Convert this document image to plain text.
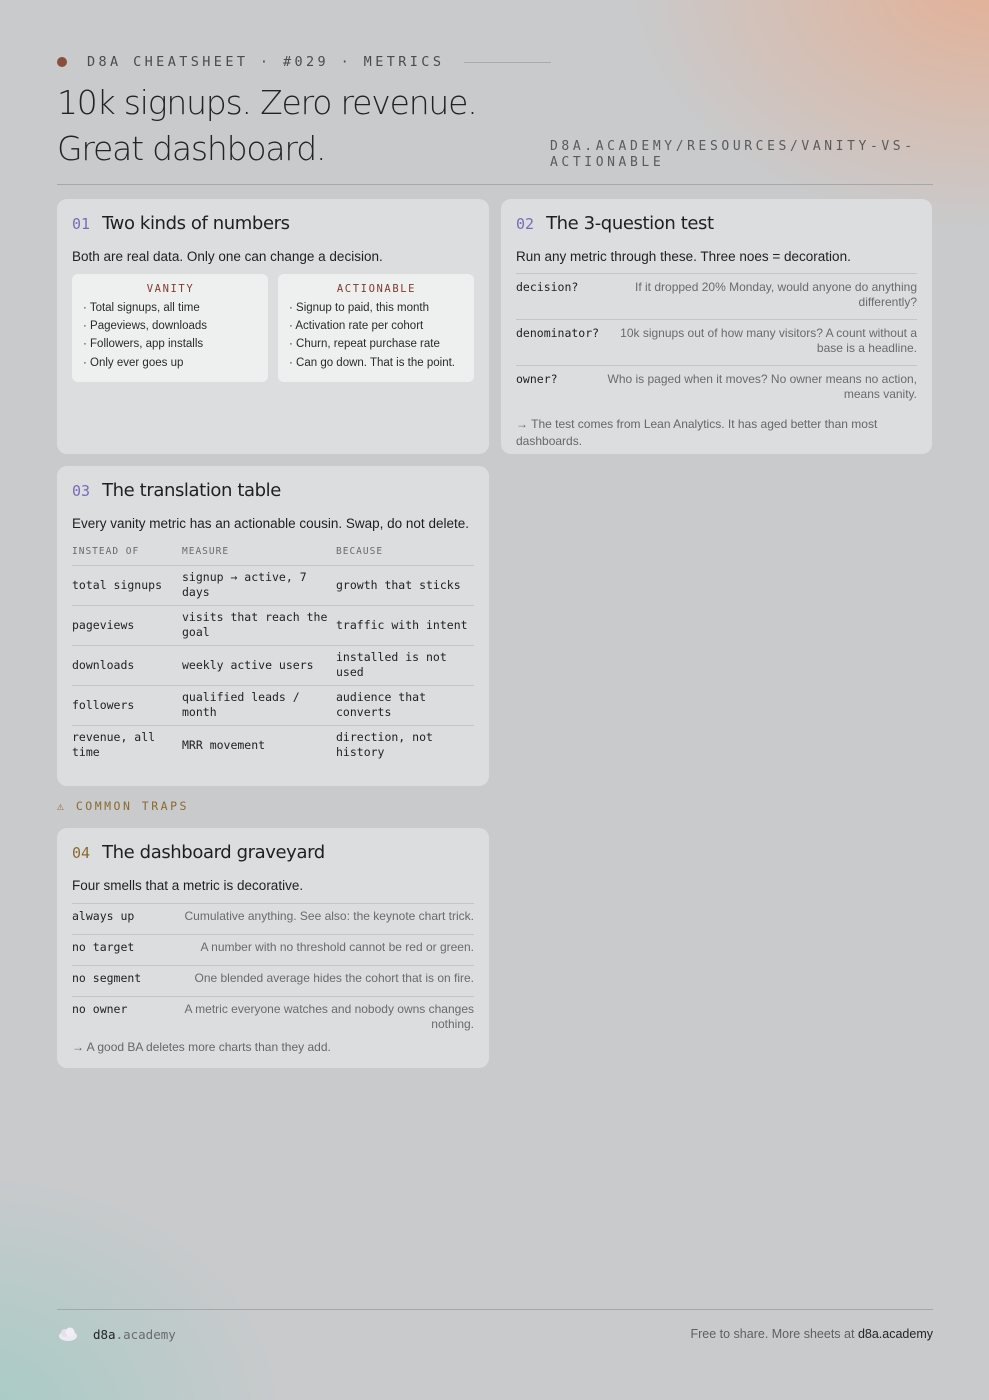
D8A CHEATSHEET · #029 · METRICS
10k signups. Zero revenue. Great dashboard.	D8A.ACADEMY/RESOURCES/VANITY-VS-ACTIONABLE
01 Two kinds of numbers

Both are real data. Only one can change a decision.

VANITY
· Total signups, all time
· Pageviews, downloads
· Followers, app installs
· Only ever goes up
ACTIONABLE
· Signup to paid, this month
· Activation rate per cohort
· Churn, repeat purchase rate
· Can go down. That is the point.
02 The 3-question test

Run any metric through these. Three noes = decoration.

decision?	If it dropped 20% Monday, would anyone do anything differently?
denominator? 10k signups out of how many visitors? A count without a base is a headline.
owner?	Who is paged when it moves? No owner means no action, means vanity.

→ The test comes from Lean Analytics. It has aged better than most dashboards.

03 The translation table

Every vanity metric has an actionable cousin. Swap, do not delete.

INSTEAD OF	MEASURE	BECAUSE
total signups	signup → active, 7 days	growth that sticks
pageviews	visits that reach the goal	traffic with intent
downloads	weekly active users	installed is not used
followers	qualified leads / month	audience that converts
revenue, all time	MRR movement	direction, not history
⚠ COMMON TRAPS
04 The dashboard graveyard

Four smells that a metric is decorative.

always up	Cumulative anything. See also: the keynote chart trick.
no target	A number with no threshold cannot be red or green.
no segment	One blended average hides the cohort that is on fire.
no owner	A metric everyone watches and nobody owns changes nothing.

→ A good BA deletes more charts than they add.

d8a.academy	Free to share. More sheets at d8a.academy
